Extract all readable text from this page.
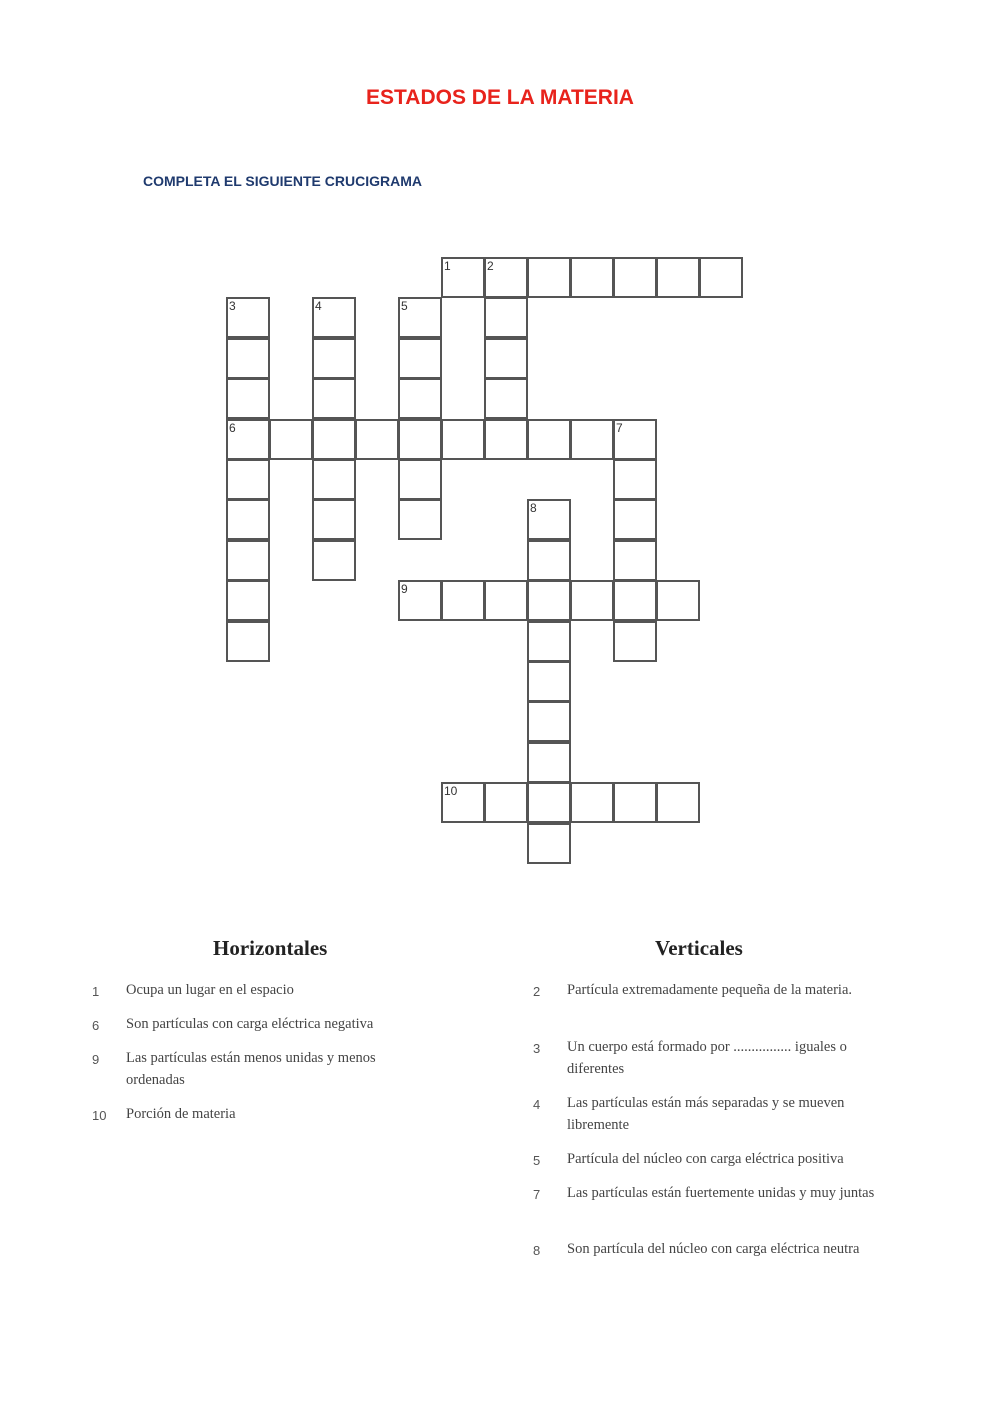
ESTADOS DE LA MATERIA
COMPLETA EL SIGUIENTE CRUCIGRAMA
1	2
3
6
4	5
7
8
9
10
Horizontales	Verticales
1 Ocupa un lugar en el espacio
6 Son partículas con carga eléctrica negativa
9 Las partículas están menos unidas y menos ordenadas
10 Porción de materia
2 Partícula extremadamente pequeña de la materia.
3 Un cuerpo está formado por ................ iguales o diferentes
4 Las partículas están más separadas y se mueven libremente
5 Partícula del núcleo con carga eléctrica positiva
7 Las partículas están fuertemente unidas y muy juntas
8 Son partícula del núcleo con carga eléctrica neutra
